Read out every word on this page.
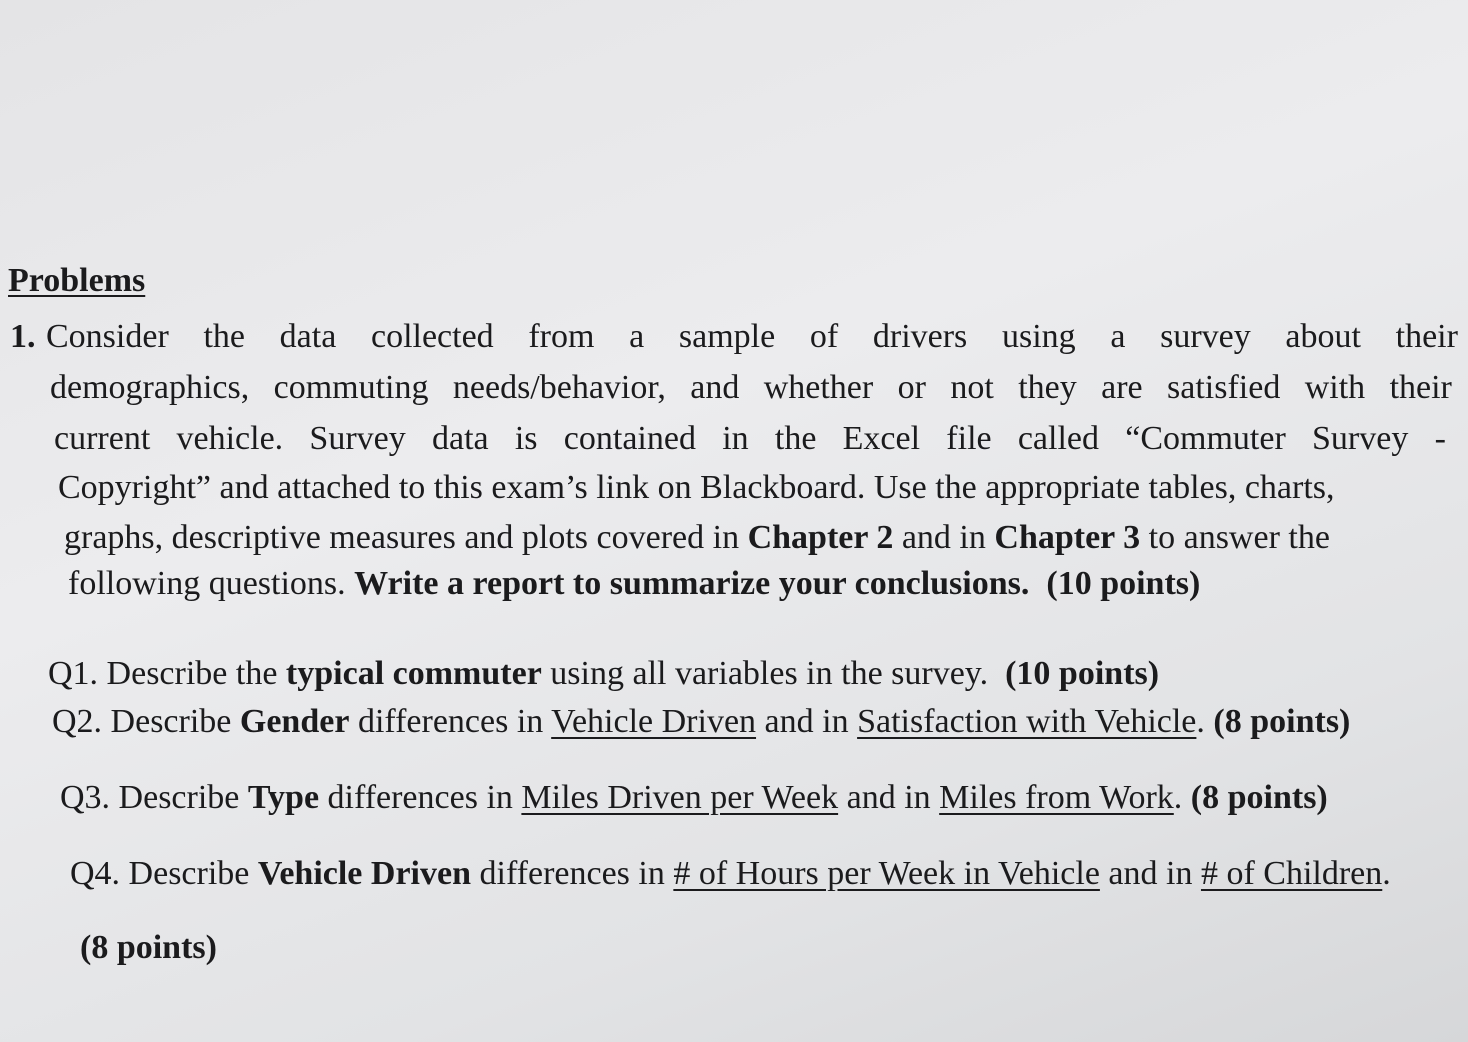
Problems
1. Consider the data collected from a sample of drivers using a survey about their
demographics, commuting needs/behavior, and whether or not they are satisfied with their
current vehicle. Survey data is contained in the Excel file called “Commuter Survey -
Copyright” and attached to this exam’s link on Blackboard. Use the appropriate tables, charts,
graphs, descriptive measures and plots covered in Chapter 2 and in Chapter 3 to answer the
following questions. Write a report to summarize your conclusions. (10 points)
Q1. Describe the typical commuter using all variables in the survey.  (10 points)
Q2. Describe Gender differences in Vehicle Driven and in Satisfaction with Vehicle. (8 points)
Q3. Describe Type differences in Miles Driven per Week and in Miles from Work. (8 points)
Q4. Describe Vehicle Driven differences in # of Hours per Week in Vehicle and in # of Children.
(8 points)
